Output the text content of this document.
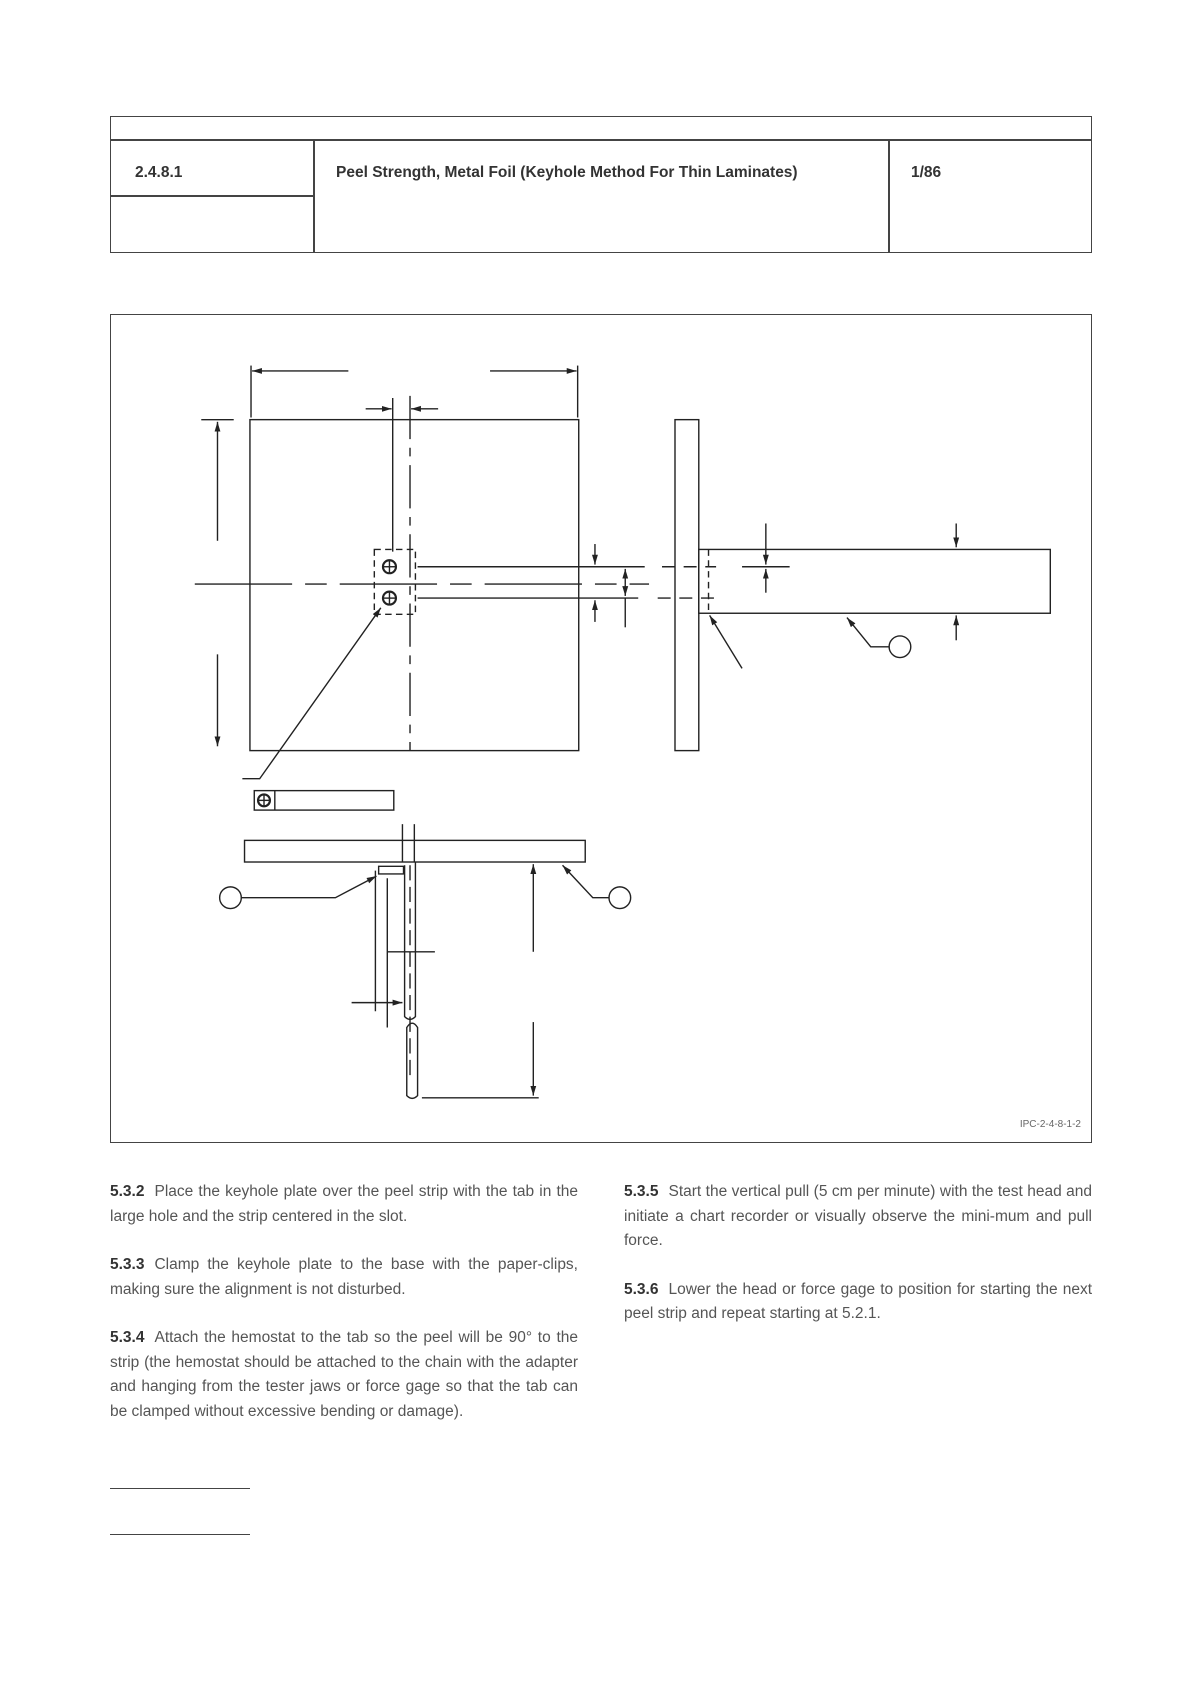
2.4.8.1	Peel Strength, Metal Foil (Keyhole Method For Thin Laminates)	1/86
IPC-2-4-8-1-2

5.3.2 Place the keyhole plate over the peel strip with the tab in the large hole and the strip centered in the slot.

5.3.3 Clamp the keyhole plate to the base with the paper-clips, making sure the alignment is not disturbed.

5.3.4 Attach the hemostat to the tab so the peel will be 90° to the strip (the hemostat should be attached to the chain with the adapter and hanging from the tester jaws or force gage so that the tab can be clamped without excessive bending or damage).

5.3.5 Start the vertical pull (5 cm per minute) with the test head and initiate a chart recorder or visually observe the mini-mum and pull force.

5.3.6 Lower the head or force gage to position for starting the next peel strip and repeat starting at 5.2.1.
